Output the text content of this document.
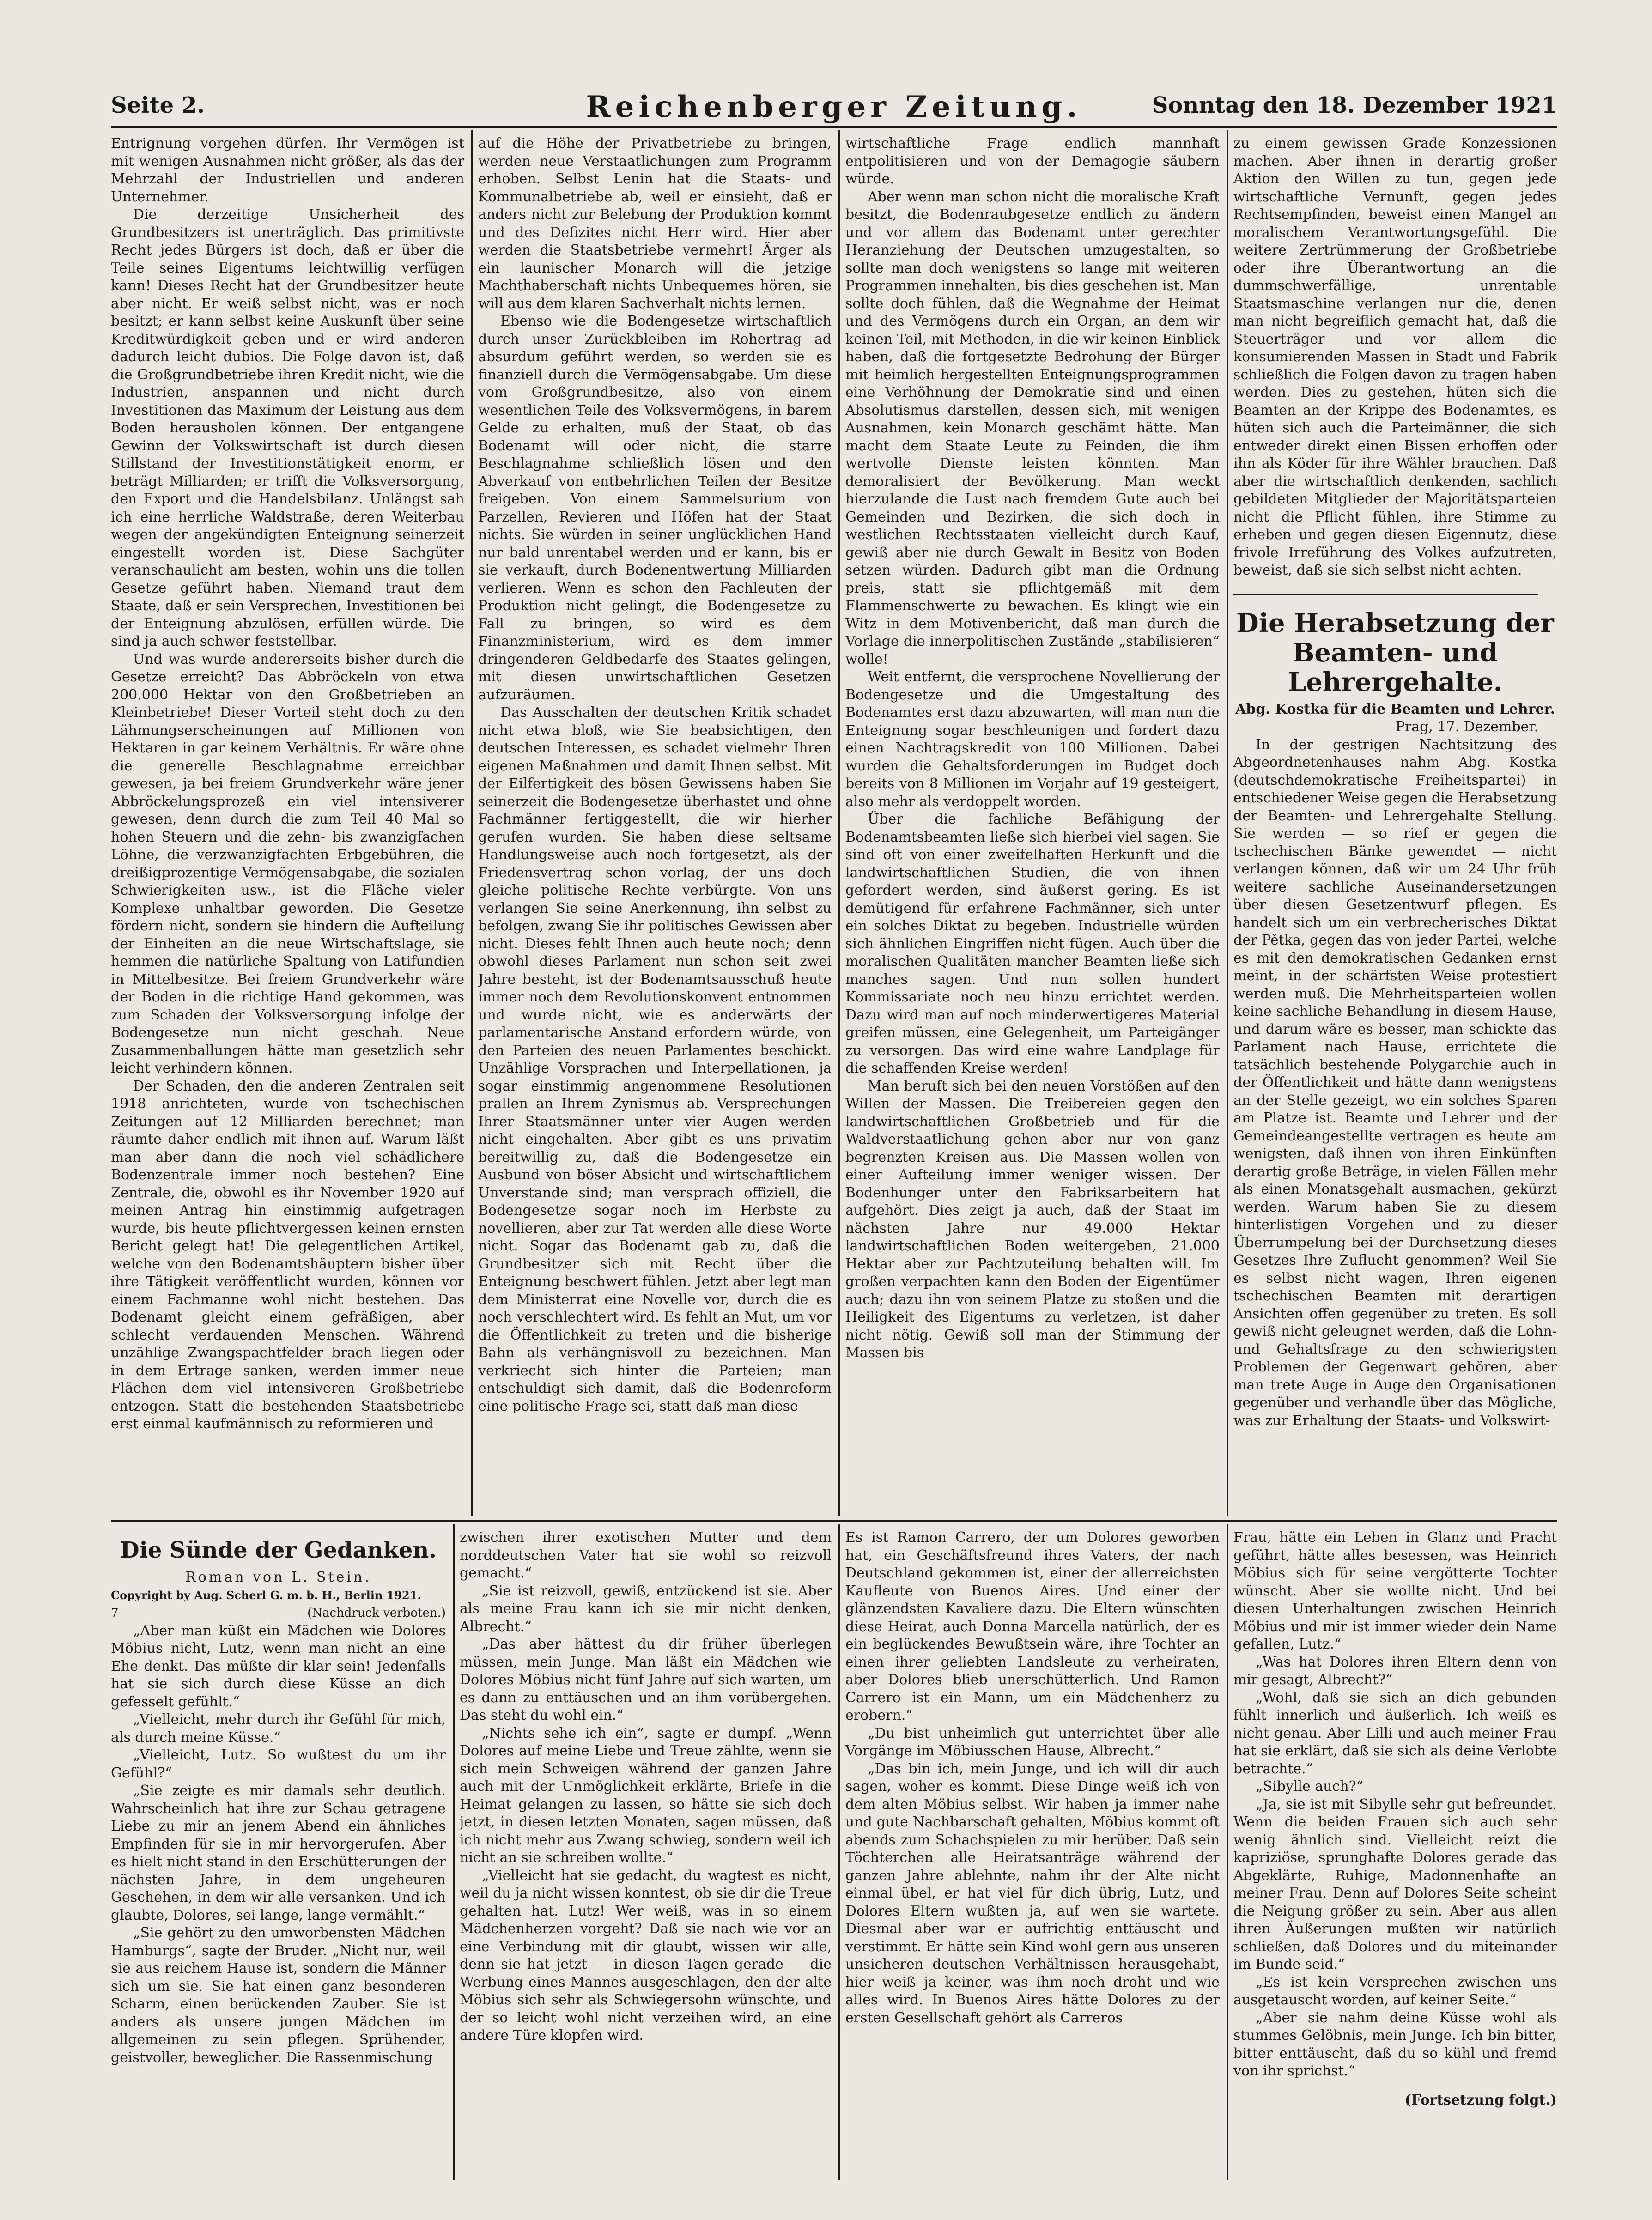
Seite 2.	Reichenberger Zeitung.	Sonntag den 18. Dezember 1921

Entrignung vorgehen dürfen. Ihr Vermögen ist mit wenigen Ausnahmen nicht größer, als das der Mehrzahl der Industriellen und anderen Unternehmer.

Die derzeitige Unsicherheit des Grundbesitzers ist unerträglich. Das primitivste Recht jedes Bürgers ist doch, daß er über die Teile seines Eigentums leichtwillig verfügen kann! Dieses Recht hat der Grundbesitzer heute aber nicht. Er weiß selbst nicht, was er noch besitzt; er kann selbst keine Auskunft über seine Kreditwürdigkeit geben und er wird anderen dadurch leicht dubios. Die Folge davon ist, daß die Großgrundbetriebe ihren Kredit nicht, wie die Industrien, anspannen und nicht durch Investitionen das Maximum der Leistung aus dem Boden herausholen können. Der entgangene Gewinn der Volkswirtschaft ist durch diesen Stillstand der Investitionstätigkeit enorm, er beträgt Milliarden; er trifft die Volksversorgung, den Export und die Handelsbilanz. Unlängst sah ich eine herrliche Waldstraße, deren Weiterbau wegen der angekündigten Enteignung seinerzeit eingestellt worden ist. Diese Sachgüter veranschaulicht am besten, wohin uns die tollen Gesetze geführt haben. Niemand traut dem Staate, daß er sein Versprechen, Investitionen bei der Enteignung abzulösen, erfüllen würde. Die sind ja auch schwer feststellbar.

Und was wurde andererseits bisher durch die Gesetze erreicht? Das Abbröckeln von etwa 200.000 Hektar von den Großbetrieben an Kleinbetriebe! Dieser Vorteil steht doch zu den Lähmungserscheinungen auf Millionen von Hektaren in gar keinem Verhältnis. Er wäre ohne die generelle Beschlagnahme erreichbar gewesen, ja bei freiem Grundverkehr wäre jener Abbröckelungsprozeß ein viel intensiverer gewesen, denn durch die zum Teil 40 Mal so hohen Steuern und die zehn- bis zwanzigfachen Löhne, die verzwanzigfachten Erbgebühren, die dreißigprozentige Vermögensabgabe, die sozialen Schwierigkeiten usw., ist die Fläche vieler Komplexe unhaltbar geworden. Die Gesetze fördern nicht, sondern sie hindern die Aufteilung der Einheiten an die neue Wirtschaftslage, sie hemmen die natürliche Spaltung von Latifundien in Mittelbesitze. Bei freiem Grundverkehr wäre der Boden in die richtige Hand gekommen, was zum Schaden der Volksversorgung infolge der Bodengesetze nun nicht geschah. Neue Zusammenballungen hätte man gesetzlich sehr leicht verhindern können.

Der Schaden, den die anderen Zentralen seit 1918 anrichteten, wurde von tschechischen Zeitungen auf 12 Milliarden berechnet; man räumte daher endlich mit ihnen auf. Warum läßt man aber dann die noch viel schädlichere Bodenzentrale immer noch bestehen? Eine Zentrale, die, obwohl es ihr November 1920 auf meinen Antrag hin einstimmig aufgetragen wurde, bis heute pflichtvergessen keinen ernsten Bericht gelegt hat! Die gelegentlichen Artikel, welche von den Bodenamtshäuptern bisher über ihre Tätigkeit veröffentlicht wurden, können vor einem Fachmanne wohl nicht bestehen. Das Bodenamt gleicht einem gefräßigen, aber schlecht verdauenden Menschen. Während unzählige Zwangspachtfelder brach liegen oder in dem Ertrage sanken, werden immer neue Flächen dem viel intensiveren Großbetriebe entzogen. Statt die bestehenden Staatsbetriebe erst einmal kaufmännisch zu reformieren und

auf die Höhe der Privatbetriebe zu bringen, werden neue Verstaatlichungen zum Programm erhoben. Selbst Lenin hat die Staats- und Kommunalbetriebe ab, weil er einsieht, daß er anders nicht zur Belebung der Produktion kommt und des Defizites nicht Herr wird. Hier aber werden die Staatsbetriebe vermehrt! Ärger als ein launischer Monarch will die jetzige Machthaberschaft nichts Unbequemes hören, sie will aus dem klaren Sachverhalt nichts lernen.

Ebenso wie die Bodengesetze wirtschaftlich durch unser Zurückbleiben im Rohertrag ad absurdum geführt werden, so werden sie es finanziell durch die Vermögensabgabe. Um diese vom Großgrundbesitze, also von einem wesentlichen Teile des Volksvermögens, in barem Gelde zu erhalten, muß der Staat, ob das Bodenamt will oder nicht, die starre Beschlagnahme schließlich lösen und den Abverkauf von entbehrlichen Teilen der Besitze freigeben. Von einem Sammelsurium von Parzellen, Revieren und Höfen hat der Staat nichts. Sie würden in seiner unglücklichen Hand nur bald unrentabel werden und er kann, bis er sie verkauft, durch Bodenentwertung Milliarden verlieren. Wenn es schon den Fachleuten der Produktion nicht gelingt, die Bodengesetze zu Fall zu bringen, so wird es dem Finanzministerium, wird es dem immer dringenderen Geldbedarfe des Staates gelingen, mit diesen unwirtschaftlichen Gesetzen aufzuräumen.

Das Ausschalten der deutschen Kritik schadet nicht etwa bloß, wie Sie beabsichtigen, den deutschen Interessen, es schadet vielmehr Ihren eigenen Maßnahmen und damit Ihnen selbst. Mit der Eilfertigkeit des bösen Gewissens haben Sie seinerzeit die Bodengesetze überhastet und ohne Fachmänner fertiggestellt, die wir hierher gerufen wurden. Sie haben diese seltsame Handlungsweise auch noch fortgesetzt, als der Friedensvertrag schon vorlag, der uns doch gleiche politische Rechte verbürgte. Von uns verlangen Sie seine Anerkennung, ihn selbst zu befolgen, zwang Sie ihr politisches Gewissen aber nicht. Dieses fehlt Ihnen auch heute noch; denn obwohl dieses Parlament nun schon seit zwei Jahre besteht, ist der Bodenamtsausschuß heute immer noch dem Revolutionskonvent entnommen und wurde nicht, wie es anderwärts der parlamentarische Anstand erfordern würde, von den Parteien des neuen Parlamentes beschickt. Unzählige Vorsprachen und Interpellationen, ja sogar einstimmig angenommene Resolutionen prallen an Ihrem Zynismus ab. Versprechungen Ihrer Staatsmänner unter vier Augen werden nicht eingehalten. Aber gibt es uns privatim bereitwillig zu, daß die Bodengesetze ein Ausbund von böser Absicht und wirtschaftlichem Unverstande sind; man versprach offiziell, die Bodengesetze sogar noch im Herbste zu novellieren, aber zur Tat werden alle diese Worte nicht. Sogar das Bodenamt gab zu, daß die Grundbesitzer sich mit Recht über die Enteignung beschwert fühlen. Jetzt aber legt man dem Ministerrat eine Novelle vor, durch die es noch verschlechtert wird. Es fehlt an Mut, um vor die Öffentlichkeit zu treten und die bisherige Bahn als verhängnisvoll zu bezeichnen. Man verkriecht sich hinter die Parteien; man entschuldigt sich damit, daß die Bodenreform eine politische Frage sei, statt daß man diese

wirtschaftliche Frage endlich mannhaft entpolitisieren und von der Demagogie säubern würde.

Aber wenn man schon nicht die moralische Kraft besitzt, die Bodenraubgesetze endlich zu ändern und vor allem das Bodenamt unter gerechter Heranziehung der Deutschen umzugestalten, so sollte man doch wenigstens so lange mit weiteren Programmen innehalten, bis dies geschehen ist. Man sollte doch fühlen, daß die Wegnahme der Heimat und des Vermögens durch ein Organ, an dem wir keinen Teil, mit Methoden, in die wir keinen Einblick haben, daß die fortgesetzte Bedrohung der Bürger mit heimlich hergestellten Enteignungsprogrammen eine Verhöhnung der Demokratie sind und einen Absolutismus darstellen, dessen sich, mit wenigen Ausnahmen, kein Monarch geschämt hätte. Man macht dem Staate Leute zu Feinden, die ihm wertvolle Dienste leisten könnten. Man demoralisiert der Bevölkerung. Man weckt hierzulande die Lust nach fremdem Gute auch bei Gemeinden und Bezirken, die sich doch in westlichen Rechtsstaaten vielleicht durch Kauf, gewiß aber nie durch Gewalt in Besitz von Boden setzen würden. Dadurch gibt man die Ordnung preis, statt sie pflichtgemäß mit dem Flammenschwerte zu bewachen. Es klingt wie ein Witz in dem Motivenbericht, daß man durch die Vorlage die innerpolitischen Zustände „stabilisieren“ wolle!

Weit entfernt, die versprochene Novellierung der Bodengesetze und die Umgestaltung des Bodenamtes erst dazu abzuwarten, will man nun die Enteignung sogar beschleunigen und fordert dazu einen Nachtragskredit von 100 Millionen. Dabei wurden die Gehaltsforderungen im Budget doch bereits von 8 Millionen im Vorjahr auf 19 gesteigert, also mehr als verdoppelt worden.

Über die fachliche Befähigung der Bodenamtsbeamten ließe sich hierbei viel sagen. Sie sind oft von einer zweifelhaften Herkunft und die landwirtschaftlichen Studien, die von ihnen gefordert werden, sind äußerst gering. Es ist demütigend für erfahrene Fachmänner, sich unter ein solches Diktat zu begeben. Industrielle würden sich ähnlichen Eingriffen nicht fügen. Auch über die moralischen Qualitäten mancher Beamten ließe sich manches sagen. Und nun sollen hundert Kommissariate noch neu hinzu errichtet werden. Dazu wird man auf noch minderwertigeres Material greifen müssen, eine Gelegenheit, um Parteigänger zu versorgen. Das wird eine wahre Landplage für die schaffenden Kreise werden!

Man beruft sich bei den neuen Vorstößen auf den Willen der Massen. Die Treibereien gegen den landwirtschaftlichen Großbetrieb und für die Waldverstaatlichung gehen aber nur von ganz begrenzten Kreisen aus. Die Massen wollen von einer Aufteilung immer weniger wissen. Der Bodenhunger unter den Fabriksarbeitern hat aufgehört. Dies zeigt ja auch, daß der Staat im nächsten Jahre nur 49.000 Hektar landwirtschaftlichen Boden weitergeben, 21.000 Hektar aber zur Pachtzuteilung behalten will. Im großen verpachten kann den Boden der Eigentümer auch; dazu ihn von seinem Platze zu stoßen und die Heiligkeit des Eigentums zu verletzen, ist daher nicht nötig. Gewiß soll man der Stimmung der Massen bis

zu einem gewissen Grade Konzessionen machen. Aber ihnen in derartig großer Aktion den Willen zu tun, gegen jede wirtschaftliche Vernunft, gegen jedes Rechtsempfinden, beweist einen Mangel an moralischem Verantwortungsgefühl. Die weitere Zertrümmerung der Großbetriebe oder ihre Überantwortung an die dummschwerfällige, unrentable Staatsmaschine verlangen nur die, denen man nicht begreiflich gemacht hat, daß die Steuerträger und vor allem die konsumierenden Massen in Stadt und Fabrik schließlich die Folgen davon zu tragen haben werden. Dies zu gestehen, hüten sich die Beamten an der Krippe des Bodenamtes, es hüten sich auch die Parteimänner, die sich entweder direkt einen Bissen erhoffen oder ihn als Köder für ihre Wähler brauchen. Daß aber die wirtschaftlich denkenden, sachlich gebildeten Mitglieder der Majoritätsparteien nicht die Pflicht fühlen, ihre Stimme zu erheben und gegen diesen Eigennutz, diese frivole Irreführung des Volkes aufzutreten, beweist, daß sie sich selbst nicht achten.

Die Herabsetzung der Beamten- und Lehrergehalte.
Abg. Kostka für die Beamten und Lehrer.
Prag, 17. Dezember.

In der gestrigen Nachtsitzung des Abgeordnetenhauses nahm Abg. Kostka (deutschdemokratische Freiheitspartei) in entschiedener Weise gegen die Herabsetzung der Beamten- und Lehrergehalte Stellung. Sie werden — so rief er gegen die tschechischen Bänke gewendet — nicht verlangen können, daß wir um 24 Uhr früh weitere sachliche Auseinandersetzungen über diesen Gesetzentwurf pflegen. Es handelt sich um ein verbrecherisches Diktat der Pětka, gegen das von jeder Partei, welche es mit den demokratischen Gedanken ernst meint, in der schärfsten Weise protestiert werden muß. Die Mehrheitsparteien wollen keine sachliche Behandlung in diesem Hause, und darum wäre es besser, man schickte das Parlament nach Hause, errichtete die tatsächlich bestehende Polygarchie auch in der Öffentlichkeit und hätte dann wenigstens an der Stelle gezeigt, wo ein solches Sparen am Platze ist. Beamte und Lehrer und der Gemeindeangestellte vertragen es heute am wenigsten, daß ihnen von ihren Einkünften derartig große Beträge, in vielen Fällen mehr als einen Monatsgehalt ausmachen, gekürzt werden. Warum haben Sie zu diesem hinterlistigen Vorgehen und zu dieser Überrumpelung bei der Durchsetzung dieses Gesetzes Ihre Zuflucht genommen? Weil Sie es selbst nicht wagen, Ihren eigenen tschechischen Beamten mit derartigen Ansichten offen gegenüber zu treten. Es soll gewiß nicht geleugnet werden, daß die Lohn- und Gehaltsfrage zu den schwierigsten Problemen der Gegenwart gehören, aber man trete Auge in Auge den Organisationen gegenüber und verhandle über das Mögliche, was zur Erhaltung der Staats- und Volkswirt-

Die Sünde der Gedanken.
Roman von L. Stein.

Copyright by Aug. Scherl G. m. b. H., Berlin 1921.

7	(Nachdruck verboten.)

„Aber man küßt ein Mädchen wie Dolores Möbius nicht, Lutz, wenn man nicht an eine Ehe denkt. Das müßte dir klar sein! Jedenfalls hat sie sich durch diese Küsse an dich gefesselt gefühlt.“

„Vielleicht, mehr durch ihr Gefühl für mich, als durch meine Küsse.“

„Vielleicht, Lutz. So wußtest du um ihr Gefühl?“

„Sie zeigte es mir damals sehr deutlich. Wahrscheinlich hat ihre zur Schau getragene Liebe zu mir an jenem Abend ein ähnliches Empfinden für sie in mir hervorgerufen. Aber es hielt nicht stand in den Erschütterungen der nächsten Jahre, in dem ungeheuren Geschehen, in dem wir alle versanken. Und ich glaubte, Dolores, sei lange, lange vermählt.“

„Sie gehört zu den umworbensten Mädchen Hamburgs“, sagte der Bruder. „Nicht nur, weil sie aus reichem Hause ist, sondern die Männer sich um sie. Sie hat einen ganz besonderen Scharm, einen berückenden Zauber. Sie ist anders als unsere jungen Mädchen im allgemeinen zu sein pflegen. Sprühender, geistvoller, beweglicher. Die Rassenmischung

zwischen ihrer exotischen Mutter und dem norddeutschen Vater hat sie wohl so reizvoll gemacht.“

„Sie ist reizvoll, gewiß, entzückend ist sie. Aber als meine Frau kann ich sie mir nicht denken, Albrecht.“

„Das aber hättest du dir früher überlegen müssen, mein Junge. Man läßt ein Mädchen wie Dolores Möbius nicht fünf Jahre auf sich warten, um es dann zu enttäuschen und an ihm vorübergehen. Das steht du wohl ein.“

„Nichts sehe ich ein“, sagte er dumpf. „Wenn Dolores auf meine Liebe und Treue zählte, wenn sie sich mein Schweigen während der ganzen Jahre auch mit der Unmöglichkeit erklärte, Briefe in die Heimat gelangen zu lassen, so hätte sie sich doch jetzt, in diesen letzten Monaten, sagen müssen, daß ich nicht mehr aus Zwang schwieg, sondern weil ich nicht an sie schreiben wollte.“

„Vielleicht hat sie gedacht, du wagtest es nicht, weil du ja nicht wissen konntest, ob sie dir die Treue gehalten hat. Lutz! Wer weiß, was in so einem Mädchenherzen vorgeht? Daß sie nach wie vor an eine Verbindung mit dir glaubt, wissen wir alle, denn sie hat jetzt — in diesen Tagen gerade — die Werbung eines Mannes ausgeschlagen, den der alte Möbius sich sehr als Schwiegersohn wünschte, und der so leicht wohl nicht verzeihen wird, an eine andere Türe klopfen wird.

Es ist Ramon Carrero, der um Dolores geworben hat, ein Geschäftsfreund ihres Vaters, der nach Deutschland gekommen ist, einer der allerreichsten Kaufleute von Buenos Aires. Und einer der glänzendsten Kavaliere dazu. Die Eltern wünschten diese Heirat, auch Donna Marcella natürlich, der es ein beglückendes Bewußtsein wäre, ihre Tochter an einen ihrer geliebten Landsleute zu verheiraten, aber Dolores blieb unerschütterlich. Und Ramon Carrero ist ein Mann, um ein Mädchenherz zu erobern.“

„Du bist unheimlich gut unterrichtet über alle Vorgänge im Möbiusschen Hause, Albrecht.“

„Das bin ich, mein Junge, und ich will dir auch sagen, woher es kommt. Diese Dinge weiß ich von dem alten Möbius selbst. Wir haben ja immer nahe und gute Nachbarschaft gehalten, Möbius kommt oft abends zum Schachspielen zu mir herüber. Daß sein Töchterchen alle Heiratsanträge während der ganzen Jahre ablehnte, nahm ihr der Alte nicht einmal übel, er hat viel für dich übrig, Lutz, und Dolores Eltern wußten ja, auf wen sie wartete. Diesmal aber war er aufrichtig enttäuscht und verstimmt. Er hätte sein Kind wohl gern aus unseren unsicheren deutschen Verhältnissen herausgehabt, hier weiß ja keiner, was ihm noch droht und wie alles wird. In Buenos Aires hätte Dolores zu der ersten Gesellschaft gehört als Carreros

Frau, hätte ein Leben in Glanz und Pracht geführt, hätte alles besessen, was Heinrich Möbius sich für seine vergötterte Tochter wünscht. Aber sie wollte nicht. Und bei diesen Unterhaltungen zwischen Heinrich Möbius und mir ist immer wieder dein Name gefallen, Lutz.“

„Was hat Dolores ihren Eltern denn von mir gesagt, Albrecht?“

„Wohl, daß sie sich an dich gebunden fühlt innerlich und äußerlich. Ich weiß es nicht genau. Aber Lilli und auch meiner Frau hat sie erklärt, daß sie sich als deine Verlobte betrachte.“

„Sibylle auch?“

„Ja, sie ist mit Sibylle sehr gut befreundet. Wenn die beiden Frauen sich auch sehr wenig ähnlich sind. Vielleicht reizt die kapriziöse, sprunghafte Dolores gerade das Abgeklärte, Ruhige, Madonnenhafte an meiner Frau. Denn auf Dolores Seite scheint die Neigung größer zu sein. Aber aus allen ihren Äußerungen mußten wir natürlich schließen, daß Dolores und du miteinander im Bunde seid.“

„Es ist kein Versprechen zwischen uns ausgetauscht worden, auf keiner Seite.“

„Aber sie nahm deine Küsse wohl als stummes Gelöbnis, mein Junge. Ich bin bitter, bitter enttäuscht, daß du so kühl und fremd von ihr sprichst.“

(Fortsetzung folgt.)
